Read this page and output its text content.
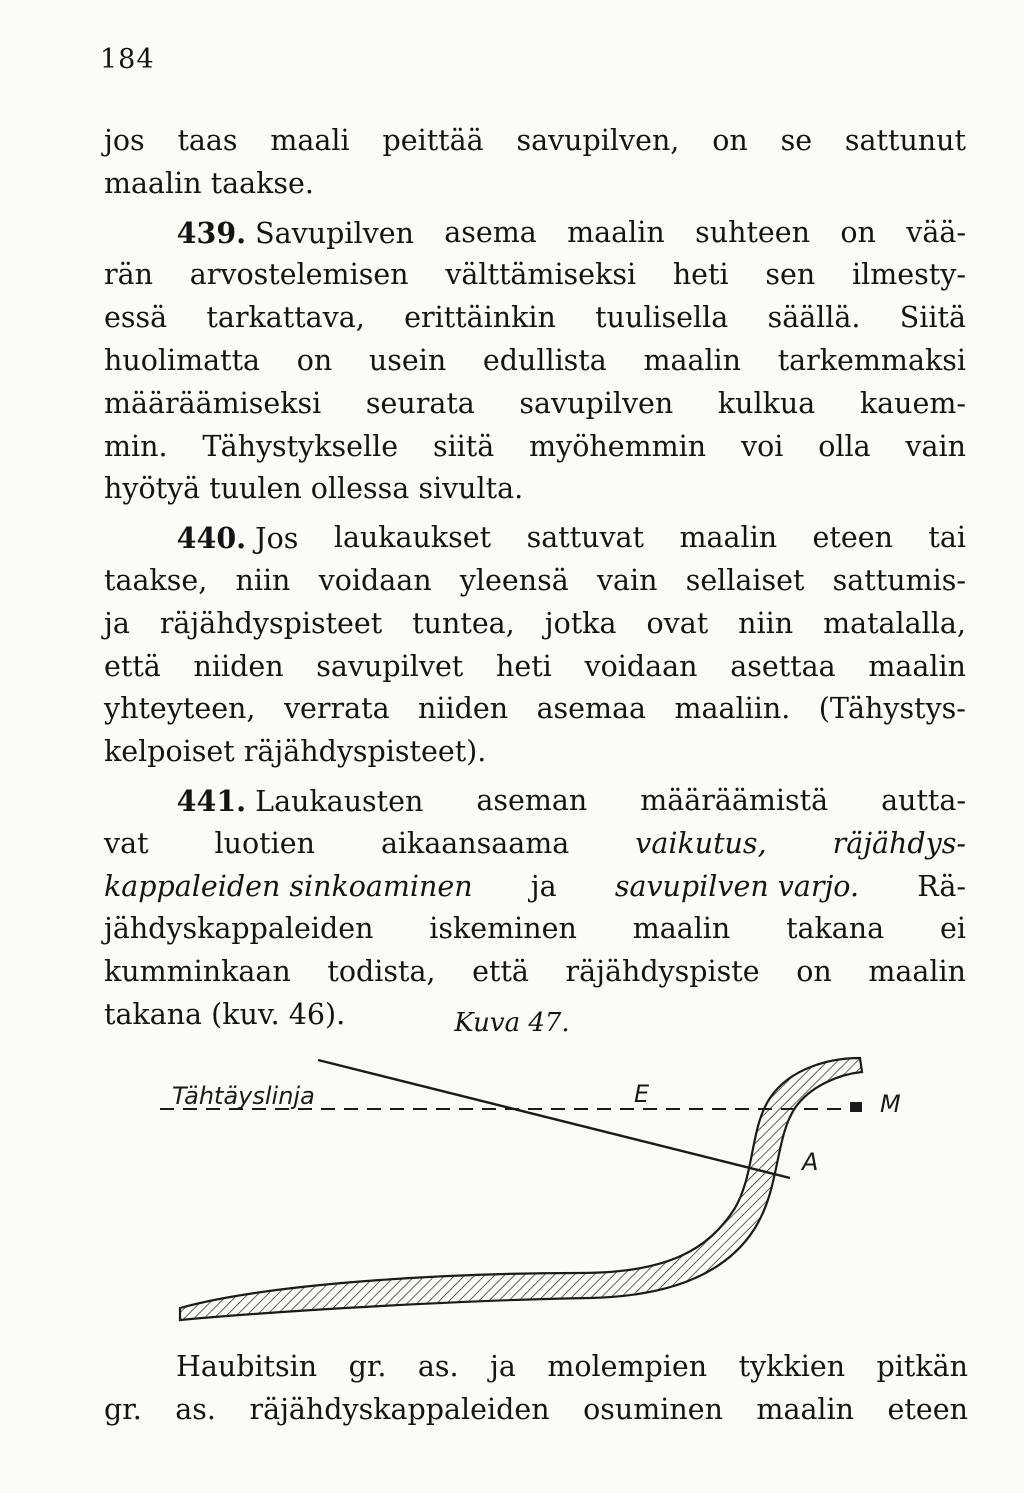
184
jos taas maali peittää savupilven, on se sattunut
maalin taakse.
439. Savupilven asema maalin suhteen on vää-
rän arvostelemisen välttämiseksi heti sen ilmesty-
essä tarkattava, erittäinkin tuulisella säällä. Siitä
huolimatta on usein edullista maalin tarkemmaksi
määräämiseksi seurata savupilven kulkua kauem-
min. Tähystykselle siitä myöhemmin voi olla vain
hyötyä tuulen ollessa sivulta.
440. Jos laukaukset sattuvat maalin eteen tai
taakse, niin voidaan yleensä vain sellaiset sattumis-
ja räjähdyspisteet tuntea, jotka ovat niin matalalla,
että niiden savupilvet heti voidaan asettaa maalin
yhteyteen, verrata niiden asemaa maaliin. (Tähystys-
kelpoiset räjähdyspisteet).
441. Laukausten aseman määräämistä autta-
vat luotien aikaansaama vaikutus, räjähdys-
kappaleiden sinkoaminen ja savupilven varjo. Rä-
jähdyskappaleiden iskeminen maalin takana ei
kumminkaan todista, että räjähdyspiste on maalin
takana (kuv. 46).	Kuva 47.
Tähtäyslinja	E	M
A
Haubitsin gr. as. ja molempien tykkien pitkän
gr. as. räjähdyskappaleiden osuminen maalin eteen
